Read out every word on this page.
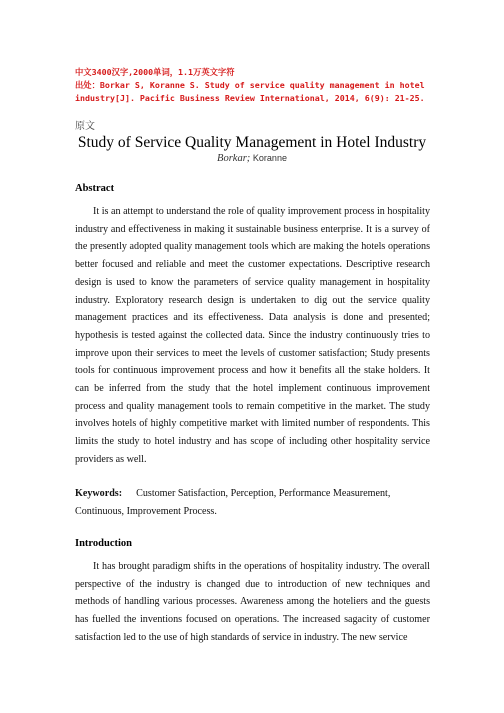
中文3400汉字,2000单词，1.1万英文字符
出处：Borkar S, Koranne S. Study of service quality management in hotel
industry[J]. Pacific Business Review International, 2014, 6(9): 21-25.
原文
Study of Service Quality Management in Hotel Industry
Borkar; Koranne
Abstract
It is an attempt to understand the role of quality improvement process in hospitality industry and effectiveness in making it sustainable business enterprise. It is a survey of the presently adopted quality management tools which are making the hotels operations better focused and reliable and meet the customer expectations. Descriptive research design is used to know the parameters of service quality management in hospitality industry. Exploratory research design is undertaken to dig out the service quality management practices and its effectiveness. Data analysis is done and presented; hypothesis is tested against the collected data. Since the industry continuously tries to improve upon their services to meet the levels of customer satisfaction; Study presents tools for continuous improvement process and how it benefits all the stake holders. It can be inferred from the study that the hotel implement continuous improvement process and quality management tools to remain competitive in the market. The study involves hotels of highly competitive market with limited number of respondents. This limits the study to hotel industry and has scope of including other hospitality service providers as well.
Keywords: Customer Satisfaction, Perception, Performance Measurement, Continuous, Improvement Process.
Introduction
It has brought paradigm shifts in the operations of hospitality industry. The overall perspective of the industry is changed due to introduction of new techniques and methods of handling various processes. Awareness among the hoteliers and the guests has fuelled the inventions focused on operations. The increased sagacity of customer satisfaction led to the use of high standards of service in industry. The new service
